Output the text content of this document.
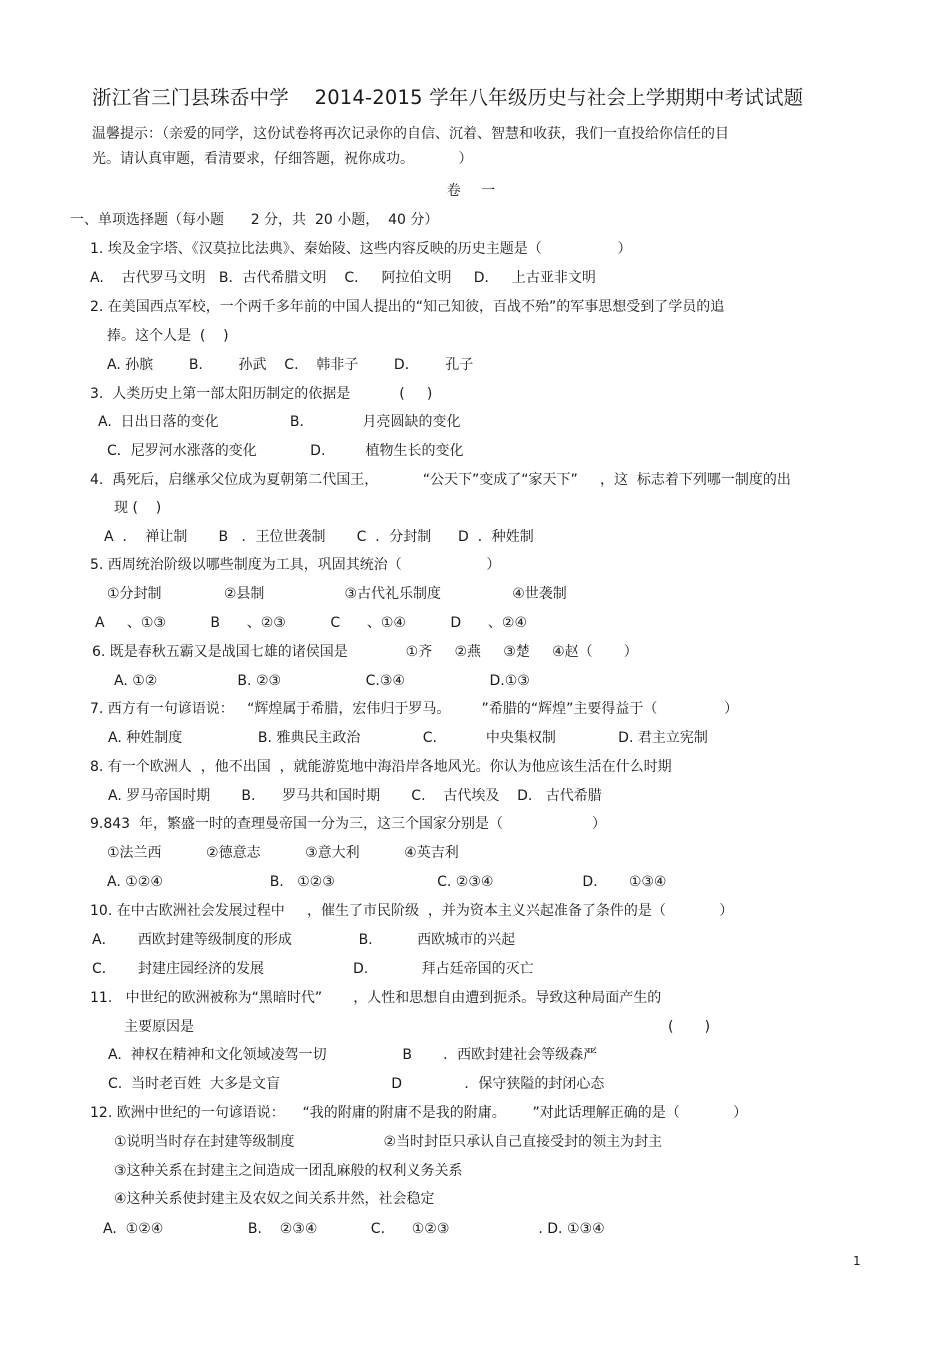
浙江省三门县珠岙中学    2014-2015 学年八年级历史与社会上学期期中考试试题
温馨提示：（亲爱的同学，这份试卷将再次记录你的自信、沉着、智慧和收获，我们一直投给你信任的目
光。请认真审题，看清要求，仔细答题，祝你成功。          ）
卷 一
一、单项选择题（每小题      2 分，共  20 小题，  40 分）
1. 埃及金字塔、《汉莫拉比法典》、秦始陵、这些内容反映的历史主题是（                 ）
A.    古代罗马文明   B．古代希腊文明    C．   阿拉伯文明     D．   上古亚非文明
2. 在美国西点军校，一个两千多年前的中国人提出的“知己知彼，百战不殆”的军事思想受到了学员的追
捧。这个人是  (    )
A. 孙膑        B.        孙武    C.    韩非子        D．      孔子
3.  人类历史上第一部太阳历制定的依据是           (     )
A.  日出日落的变化                B．           月亮圆缺的变化
C．尼罗河水涨落的变化            D.         植物生长的变化
4.  禹死后，启继承父位成为夏朝第二代国王，          “公天下”变成了“家天下”     ，这  标志着下列哪一制度的出
现 (    )
A  ．  禅让制       B   ．王位世袭制       C  ．分封制      D  ．种姓制
5. 西周统治阶级以哪些制度为工具，巩固其统治（                   ）
①分封制              ②县制                  ③古代礼乐制度                ④世袭制
A     、①③          B      、②③          C      、①④          D      、②④
6. 既是春秋五霸又是战国七雄的诸侯国是             ①齐     ②燕     ③楚     ④赵（       ）
A. ①②                  B. ②③                   C.③④                   D.①③
7. 西方有一句谚语说：   “辉煌属于希腊，宏伟归于罗马。       ”希腊的“辉煌”主要得益于（               ）
A. 种姓制度                 B. 雅典民主政治              C.           中央集权制              D. 君主立宪制
8. 有一个欧洲人  ，他不出国  ，就能游览地中海沿岸各地风光。你认为他应该生活在什么时期
A. 罗马帝国时期       B.      罗马共和国时期       C.    古代埃及    D.   古代希腊
9.843  年，繁盛一时的查理曼帝国一分为三，这三个国家分别是（                    ）
①法兰西          ②德意志          ③意大利          ④英吉利
A. ①②④                        B.   ①②③                       C. ②③④                    D.       ①③④
10. 在中古欧洲社会发展过程中     ，催生了市民阶级  ，并为资本主义兴起准备了条件的是（            ）
A．     西欧封建等级制度的形成               B.          西欧城市的兴起
C．     封建庄园经济的发展                    D.            拜占廷帝国的灭亡
11.   中世纪的欧洲被称为“黑暗时代”       ，人性和思想自由遭到扼杀。导致这种局面产生的
主要原因是	(       )
A.  神权在精神和文化领域凌驾一切                 B       ．西欧封建社会等级森严
C.  当时老百姓  大多是文盲                         D              ．保守狭隘的封闭心态
12. 欧洲中世纪的一句谚语说：    “我的附庸的附庸不是我的附庸。      ”对此话理解正确的是（            ）
①说明当时存在封建等级制度                    ②当时封臣只承认自己直接受封的领主为封主
③这种关系在封建主之间造成一团乱麻般的权利义务关系
④这种关系使封建主及农奴之间关系井然，社会稳定
A.  ①②④                   B.    ②③④            C.      ①②③                    . D. ①③④
1
